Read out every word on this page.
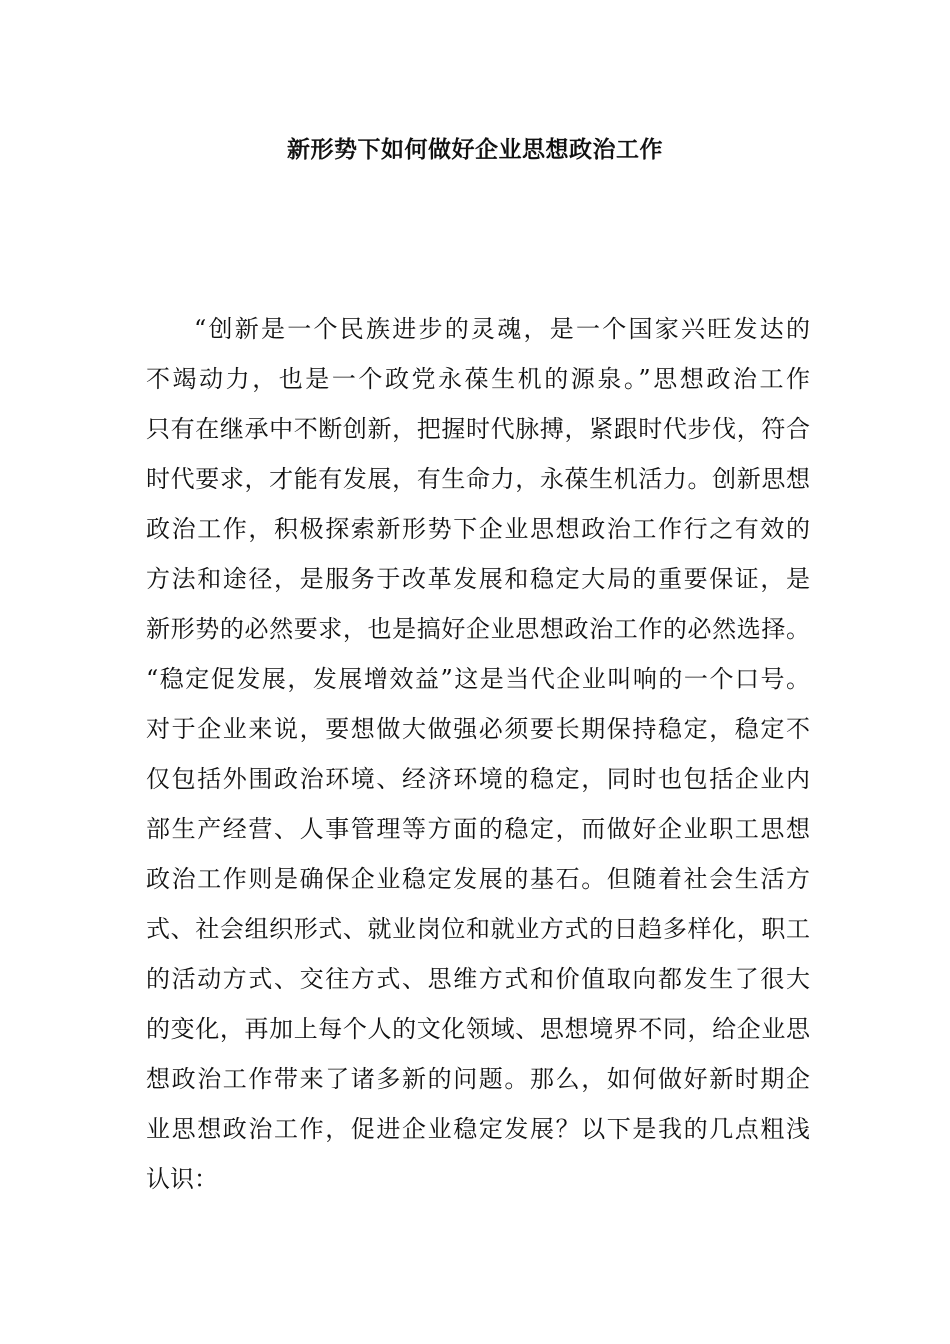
新形势下如何做好企业思想政治工作
“创新是一个民族进步的灵魂，是一个国家兴旺发达的
不竭动力，也是一个政党永葆生机的源泉。”思想政治工作
只有在继承中不断创新，把握时代脉搏，紧跟时代步伐，符合
时代要求，才能有发展，有生命力，永葆生机活力。创新思想
政治工作，积极探索新形势下企业思想政治工作行之有效的
方法和途径，是服务于改革发展和稳定大局的重要保证，是
新形势的必然要求，也是搞好企业思想政治工作的必然选择。
“稳定促发展，发展增效益”这是当代企业叫响的一个口号。
对于企业来说，要想做大做强必须要长期保持稳定，稳定不
仅包括外围政治环境、经济环境的稳定，同时也包括企业内
部生产经营、人事管理等方面的稳定，而做好企业职工思想
政治工作则是确保企业稳定发展的基石。但随着社会生活方
式、社会组织形式、就业岗位和就业方式的日趋多样化，职工
的活动方式、交往方式、思维方式和价值取向都发生了很大
的变化，再加上每个人的文化领域、思想境界不同，给企业思
想政治工作带来了诸多新的问题。那么，如何做好新时期企
业思想政治工作，促进企业稳定发展？以下是我的几点粗浅
认识：
